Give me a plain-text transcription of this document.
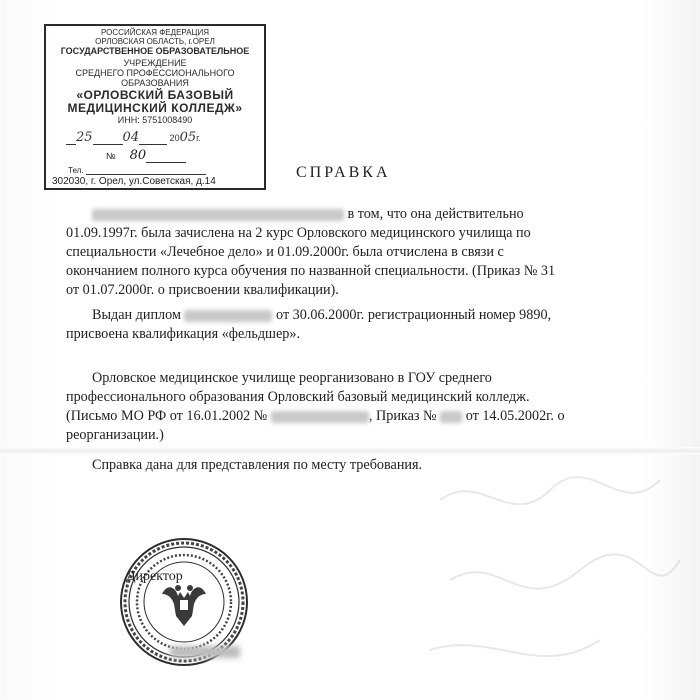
РОССИЙСКАЯ ФЕДЕРАЦИЯ
ОРЛОВСКАЯ ОБЛАСТЬ, г.ОРЕЛ
ГОСУДАРСТВЕННОЕ ОБРАЗОВАТЕЛЬНОЕ
УЧРЕЖДЕНИЕ
СРЕДНЕГО ПРОФЕССИОНАЛЬНОГО
ОБРАЗОВАНИЯ
«ОРЛОВСКИЙ БАЗОВЫЙ
МЕДИЦИНСКИЙ КОЛЛЕДЖ»
ИНН: 5751008490
25 04	2005г.
№ 80
Тел.
302030, г. Орел, ул.Советская, д.14
СПРАВКА
в том, что она действительно
01.09.1997г. была зачислена на 2 курс Орловского медицинского училища по
специальности «Лечебное дело» и 01.09.2000г. была отчислена в связи с
окончанием полного курса обучения по названной специальности. (Приказ № 31
от 01.07.2000г. о присвоении квалификации).
Выдан диплом	от 30.06.2000г. регистрационный номер 9890,
присвоена квалификация «фельдшер».
Орловское медицинское училище реорганизовано в ГОУ среднего
профессионального образования Орловский базовый медицинский колледж.
(Письмо МО РФ от 16.01.2002 №	, Приказ № от 14.05.2002г. о
реорганизации.)
Справка дана для представления по месту требования.
Директор
